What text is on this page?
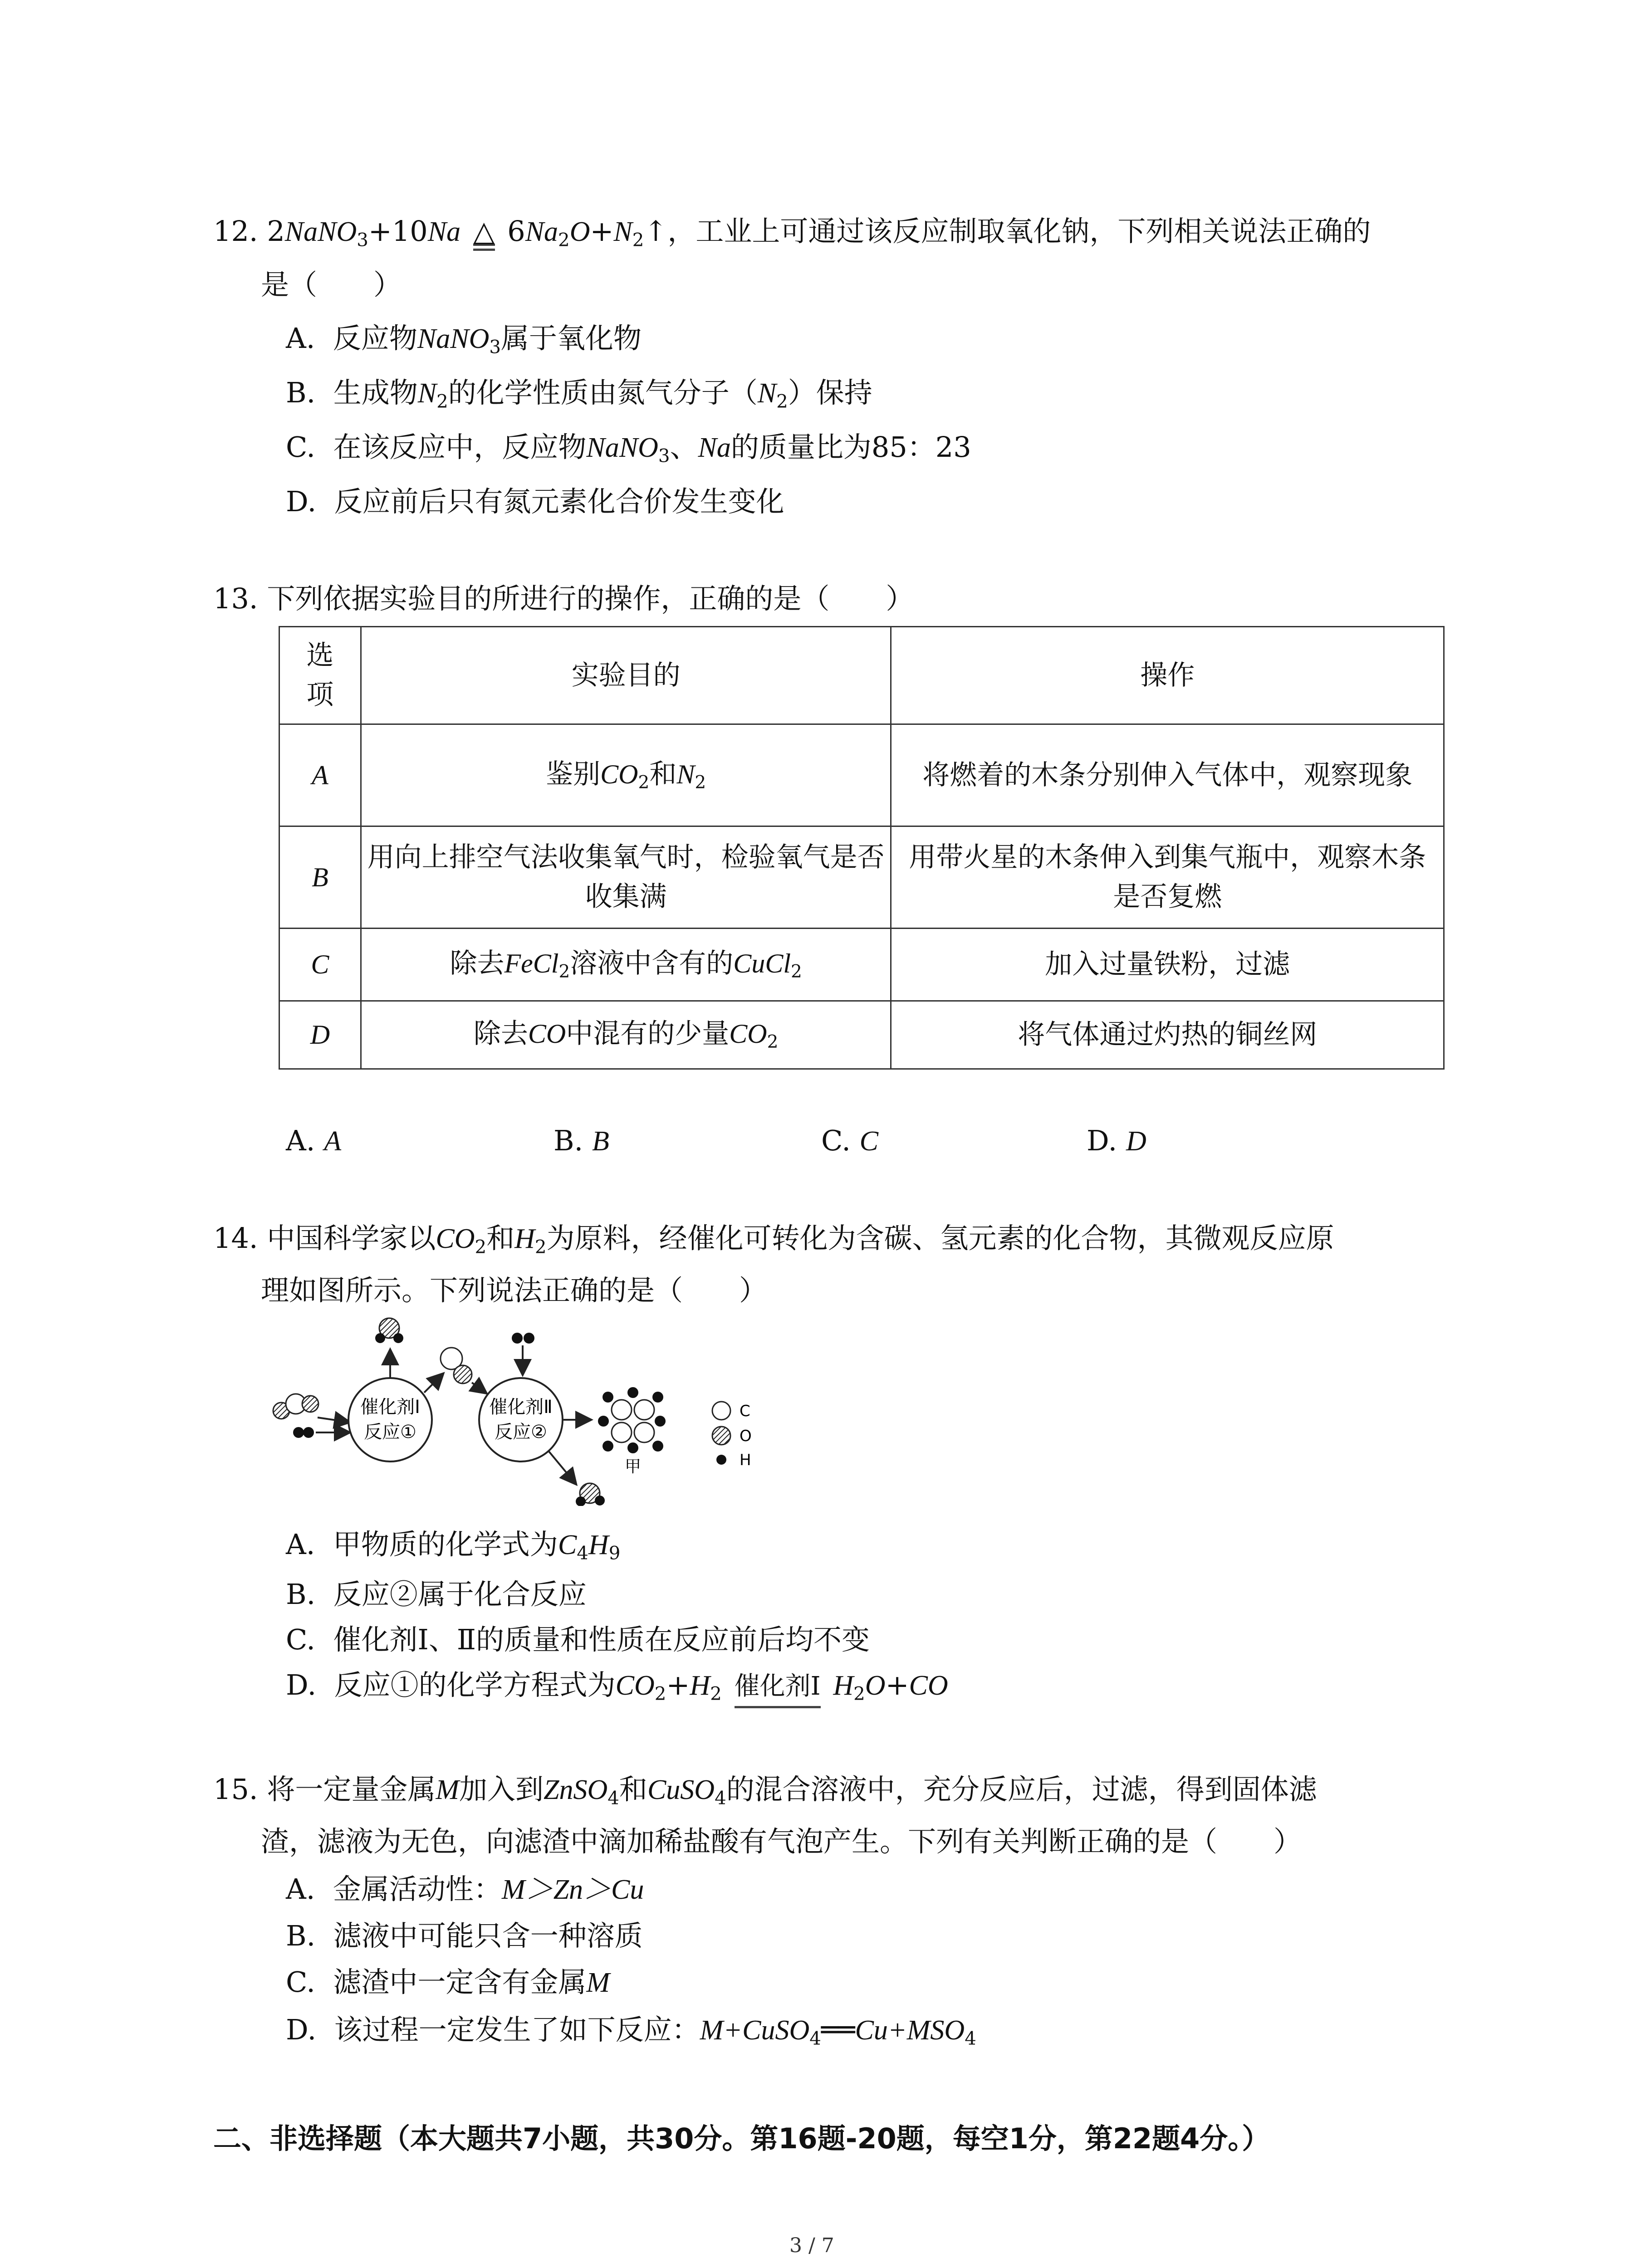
12. 2NaNO$_3$+10Na △ $6Na_2O+N_2↑$，工业上可通过该反应制取氧化钠，下列相关说法正确的
是（　　）
A. 反应物NaNO$_3$属于氧化物
B. 生成物$N_2$的化学性质由氮气分子$(N_2)$保持
C. 在该反应中，反应物NaNO$_3$、Na的质量比为85：23
D. 反应前后只有氮元素化合价发生变化
13. 下列依据实验目的所进行的操作，正确的是（　　）
选
项	实验目的	操作
A	鉴别$CO_2$和$N_2$	将燃着的木条分别伸入气体中，观察现象
B	用向上排空气法收集氧气时，检验氧气是否收集满	用带火星的木条伸入到集气瓶中，观察木条是否复燃
C	除去FeCl$_2$溶液中含有的CuCl$_2$	加入过量铁粉，过滤
D	除去CO中混有的少量$CO_2$	将气体通过灼热的铜丝网
A. A	B. B	C. C	D. D
14. 中国科学家以$CO_2$和$H_2$为原料，经催化可转化为含碳、氢元素的化合物，其微观反应原
理如图所示。下列说法正确的是（　　）
催化剂Ⅰ
反应①
催化剂Ⅱ
反应②
甲
C
O
H
A. 甲物质的化学式为$C_4H_9$
B. 反应②属于化合反应
C. 催化剂Ⅰ、Ⅱ的质量和性质在反应前后均不变
D. 反应①的化学方程式为$CO_2+H_2$ 催化剂Ⅰ $H_2O+CO$
15. 将一定量金属M加入到ZnSO$_4$和CuSO$_4$的混合溶液中，充分反应后，过滤，得到固体滤
渣，滤液为无色，向滤渣中滴加稀盐酸有气泡产生。下列有关判断正确的是（　　）
A. 金属活动性：M＞Zn＞Cu
B. 滤液中可能只含一种溶质
C. 滤渣中一定含有金属M
D. 该过程一定发生了如下反应：$M+CuSO_4══Cu+MSO_4$
二、非选择题（本大题共7小题，共30分。第16题-20题，每空1分，第22题4分。）
3 / 7
